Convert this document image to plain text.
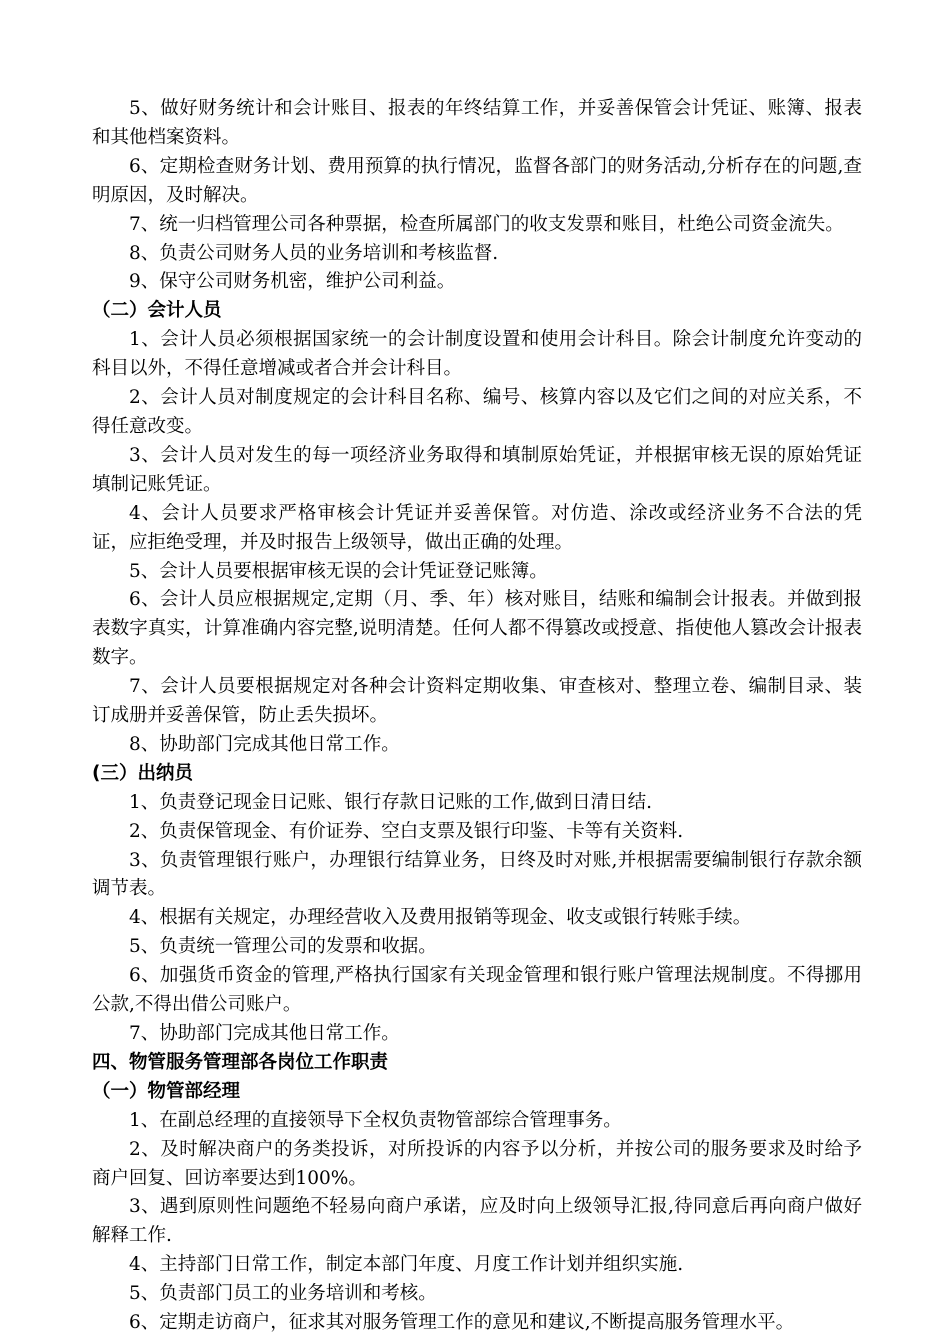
5、做好财务统计和会计账目、报表的年终结算工作，并妥善保管会计凭证、账簿、报表和其他档案资料。

6、定期检查财务计划、费用预算的执行情况，监督各部门的财务活动,分析存在的问题,查明原因，及时解决。

7、统一归档管理公司各种票据，检查所属部门的收支发票和账目，杜绝公司资金流失。

8、负责公司财务人员的业务培训和考核监督.

9、保守公司财务机密，维护公司利益。

（二）会计人员

1、会计人员必须根据国家统一的会计制度设置和使用会计科目。除会计制度允许变动的科目以外，不得任意增减或者合并会计科目。

2、会计人员对制度规定的会计科目名称、编号、核算内容以及它们之间的对应关系，不得任意改变。

3、会计人员对发生的每一项经济业务取得和填制原始凭证，并根据审核无误的原始凭证填制记账凭证。

4、会计人员要求严格审核会计凭证并妥善保管。对仿造、涂改或经济业务不合法的凭证，应拒绝受理，并及时报告上级领导，做出正确的处理。

5、会计人员要根据审核无误的会计凭证登记账簿。

6、会计人员应根据规定,定期（月、季、年）核对账目，结账和编制会计报表。并做到报表数字真实，计算准确内容完整,说明清楚。任何人都不得篡改或授意、指使他人篡改会计报表数字。

7、会计人员要根据规定对各种会计资料定期收集、审查核对、整理立卷、编制目录、装订成册并妥善保管，防止丢失损坏。

8、协助部门完成其他日常工作。

(三）出纳员

1、负责登记现金日记账、银行存款日记账的工作,做到日清日结.

2、负责保管现金、有价证券、空白支票及银行印鉴、卡等有关资料.

3、负责管理银行账户，办理银行结算业务，日终及时对账,并根据需要编制银行存款余额调节表。

4、根据有关规定，办理经营收入及费用报销等现金、收支或银行转账手续。

5、负责统一管理公司的发票和收据。

6、加强货币资金的管理,严格执行国家有关现金管理和银行账户管理法规制度。不得挪用公款,不得出借公司账户。

7、协助部门完成其他日常工作。

四、物管服务管理部各岗位工作职责

（一）物管部经理

1、在副总经理的直接领导下全权负责物管部综合管理事务。

2、及时解决商户的务类投诉，对所投诉的内容予以分析，并按公司的服务要求及时给予商户回复、回访率要达到100%。

3、遇到原则性问题绝不轻易向商户承诺，应及时向上级领导汇报,待同意后再向商户做好解释工作.

4、主持部门日常工作，制定本部门年度、月度工作计划并组织实施.

5、负责部门员工的业务培训和考核。

6、定期走访商户，征求其对服务管理工作的意见和建议,不断提高服务管理水平。
